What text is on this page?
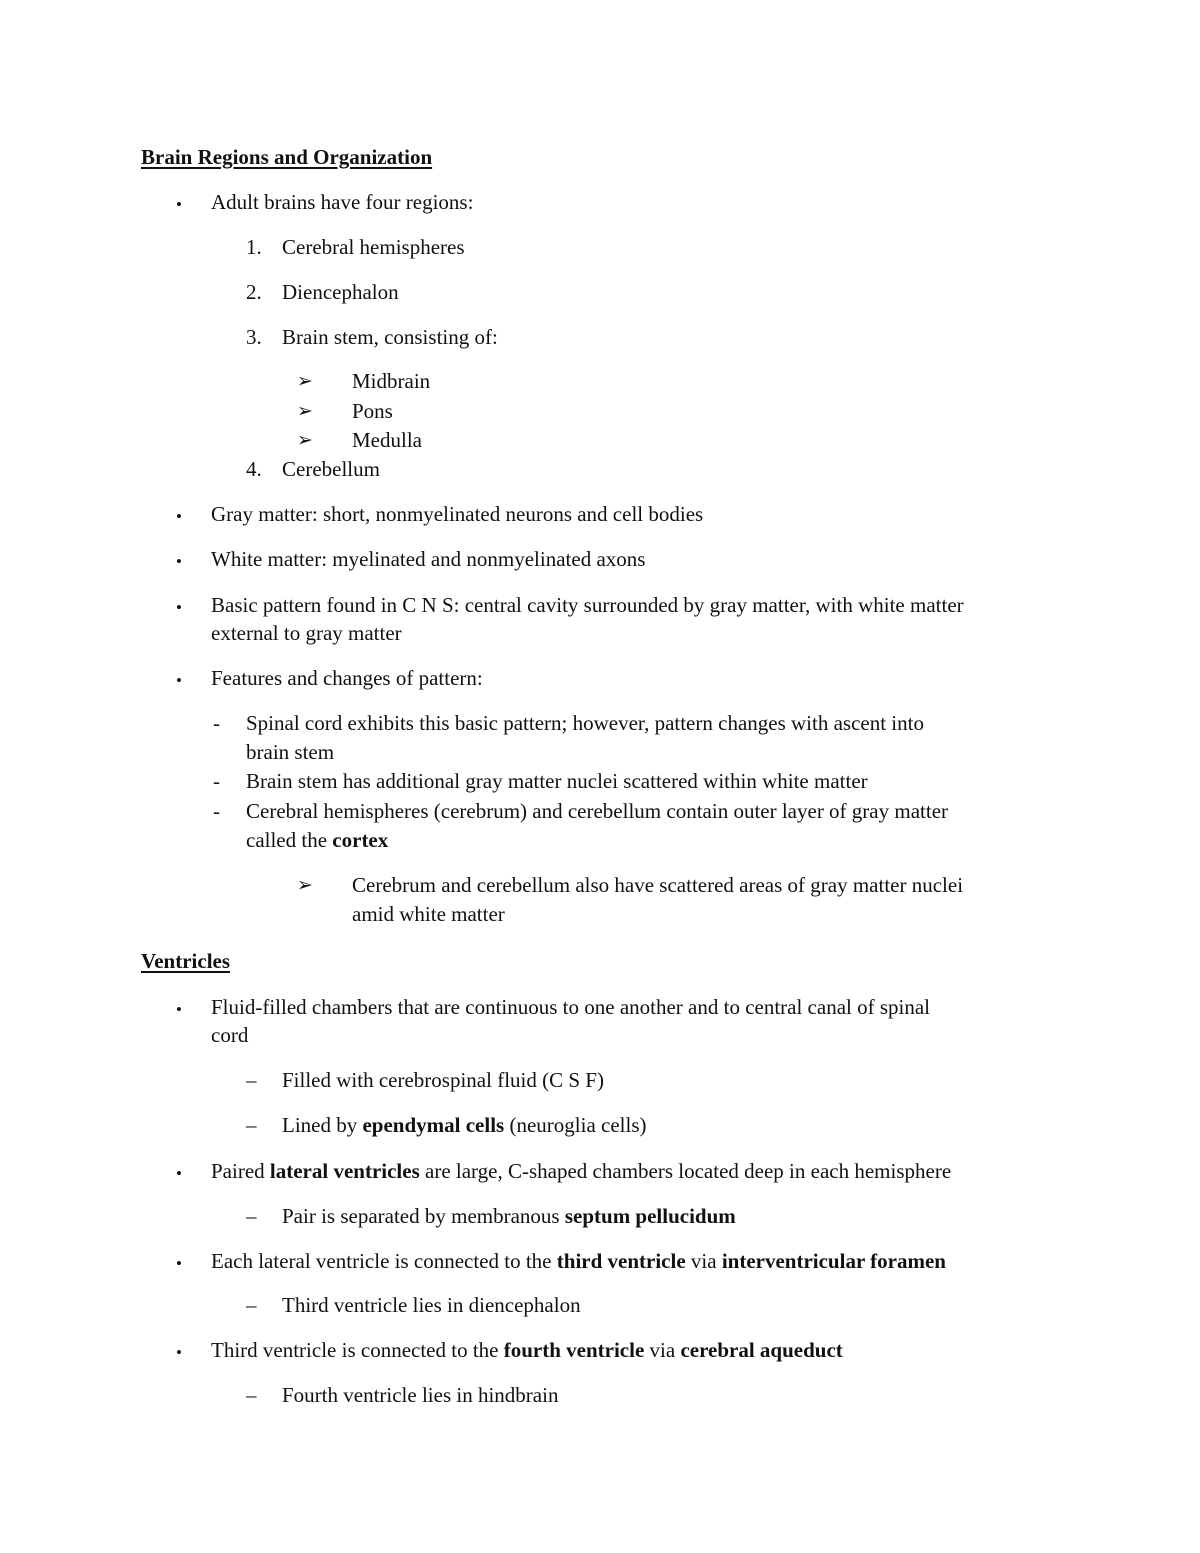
Brain Regions and Organization
• Adult brains have four regions:
1. Cerebral hemispheres
2. Diencephalon
3. Brain stem, consisting of:
➢ Midbrain
➢ Pons
➢ Medulla
4. Cerebellum
• Gray matter: short, nonmyelinated neurons and cell bodies
• White matter: myelinated and nonmyelinated axons
• Basic pattern found in C N S: central cavity surrounded by gray matter, with white matter
external to gray matter
• Features and changes of pattern:
- Spinal cord exhibits this basic pattern; however, pattern changes with ascent into
brain stem
- Brain stem has additional gray matter nuclei scattered within white matter
- Cerebral hemispheres (cerebrum) and cerebellum contain outer layer of gray matter
called the cortex
➢ Cerebrum and cerebellum also have scattered areas of gray matter nuclei
amid white matter
Ventricles
• Fluid-filled chambers that are continuous to one another and to central canal of spinal
cord
– Filled with cerebrospinal fluid (C S F)
– Lined by ependymal cells (neuroglia cells)
• Paired lateral ventricles are large, C-shaped chambers located deep in each hemisphere
– Pair is separated by membranous septum pellucidum
• Each lateral ventricle is connected to the third ventricle via interventricular foramen
– Third ventricle lies in diencephalon
• Third ventricle is connected to the fourth ventricle via cerebral aqueduct
– Fourth ventricle lies in hindbrain
